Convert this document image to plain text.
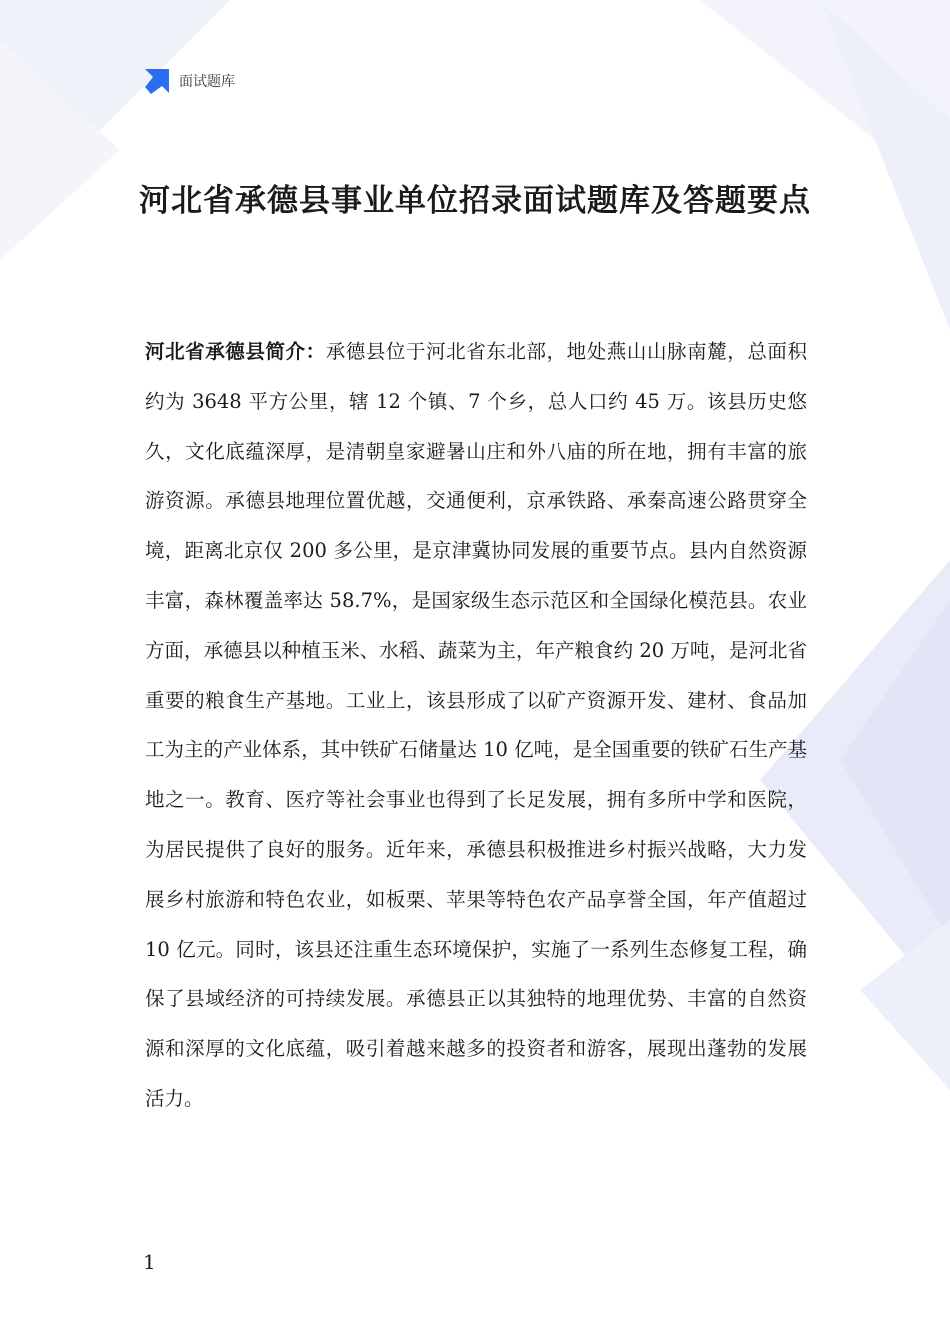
面试题库
河北省承德县事业单位招录面试题库及答题要点

河北省承德县简介：承德县位于河北省东北部，地处燕山山脉南麓，总面积约为 3648 平方公里，辖 12 个镇、7 个乡，总人口约 45 万。该县历史悠久，文化底蕴深厚，是清朝皇家避暑山庄和外八庙的所在地，拥有丰富的旅游资源。承德县地理位置优越，交通便利，京承铁路、承秦高速公路贯穿全境，距离北京仅 200 多公里，是京津冀协同发展的重要节点。县内自然资源丰富，森林覆盖率达 58.7%，是国家级生态示范区和全国绿化模范县。农业方面，承德县以种植玉米、水稻、蔬菜为主，年产粮食约 20 万吨，是河北省重要的粮食生产基地。工业上，该县形成了以矿产资源开发、建材、食品加工为主的产业体系，其中铁矿石储量达 10 亿吨，是全国重要的铁矿石生产基地之一。教育、医疗等社会事业也得到了长足发展，拥有多所中学和医院，为居民提供了良好的服务。近年来，承德县积极推进乡村振兴战略，大力发展乡村旅游和特色农业，如板栗、苹果等特色农产品享誉全国，年产值超过 10 亿元。同时，该县还注重生态环境保护，实施了一系列生态修复工程，确保了县域经济的可持续发展。承德县正以其独特的地理优势、丰富的自然资源和深厚的文化底蕴，吸引着越来越多的投资者和游客，展现出蓬勃的发展活力。

1
